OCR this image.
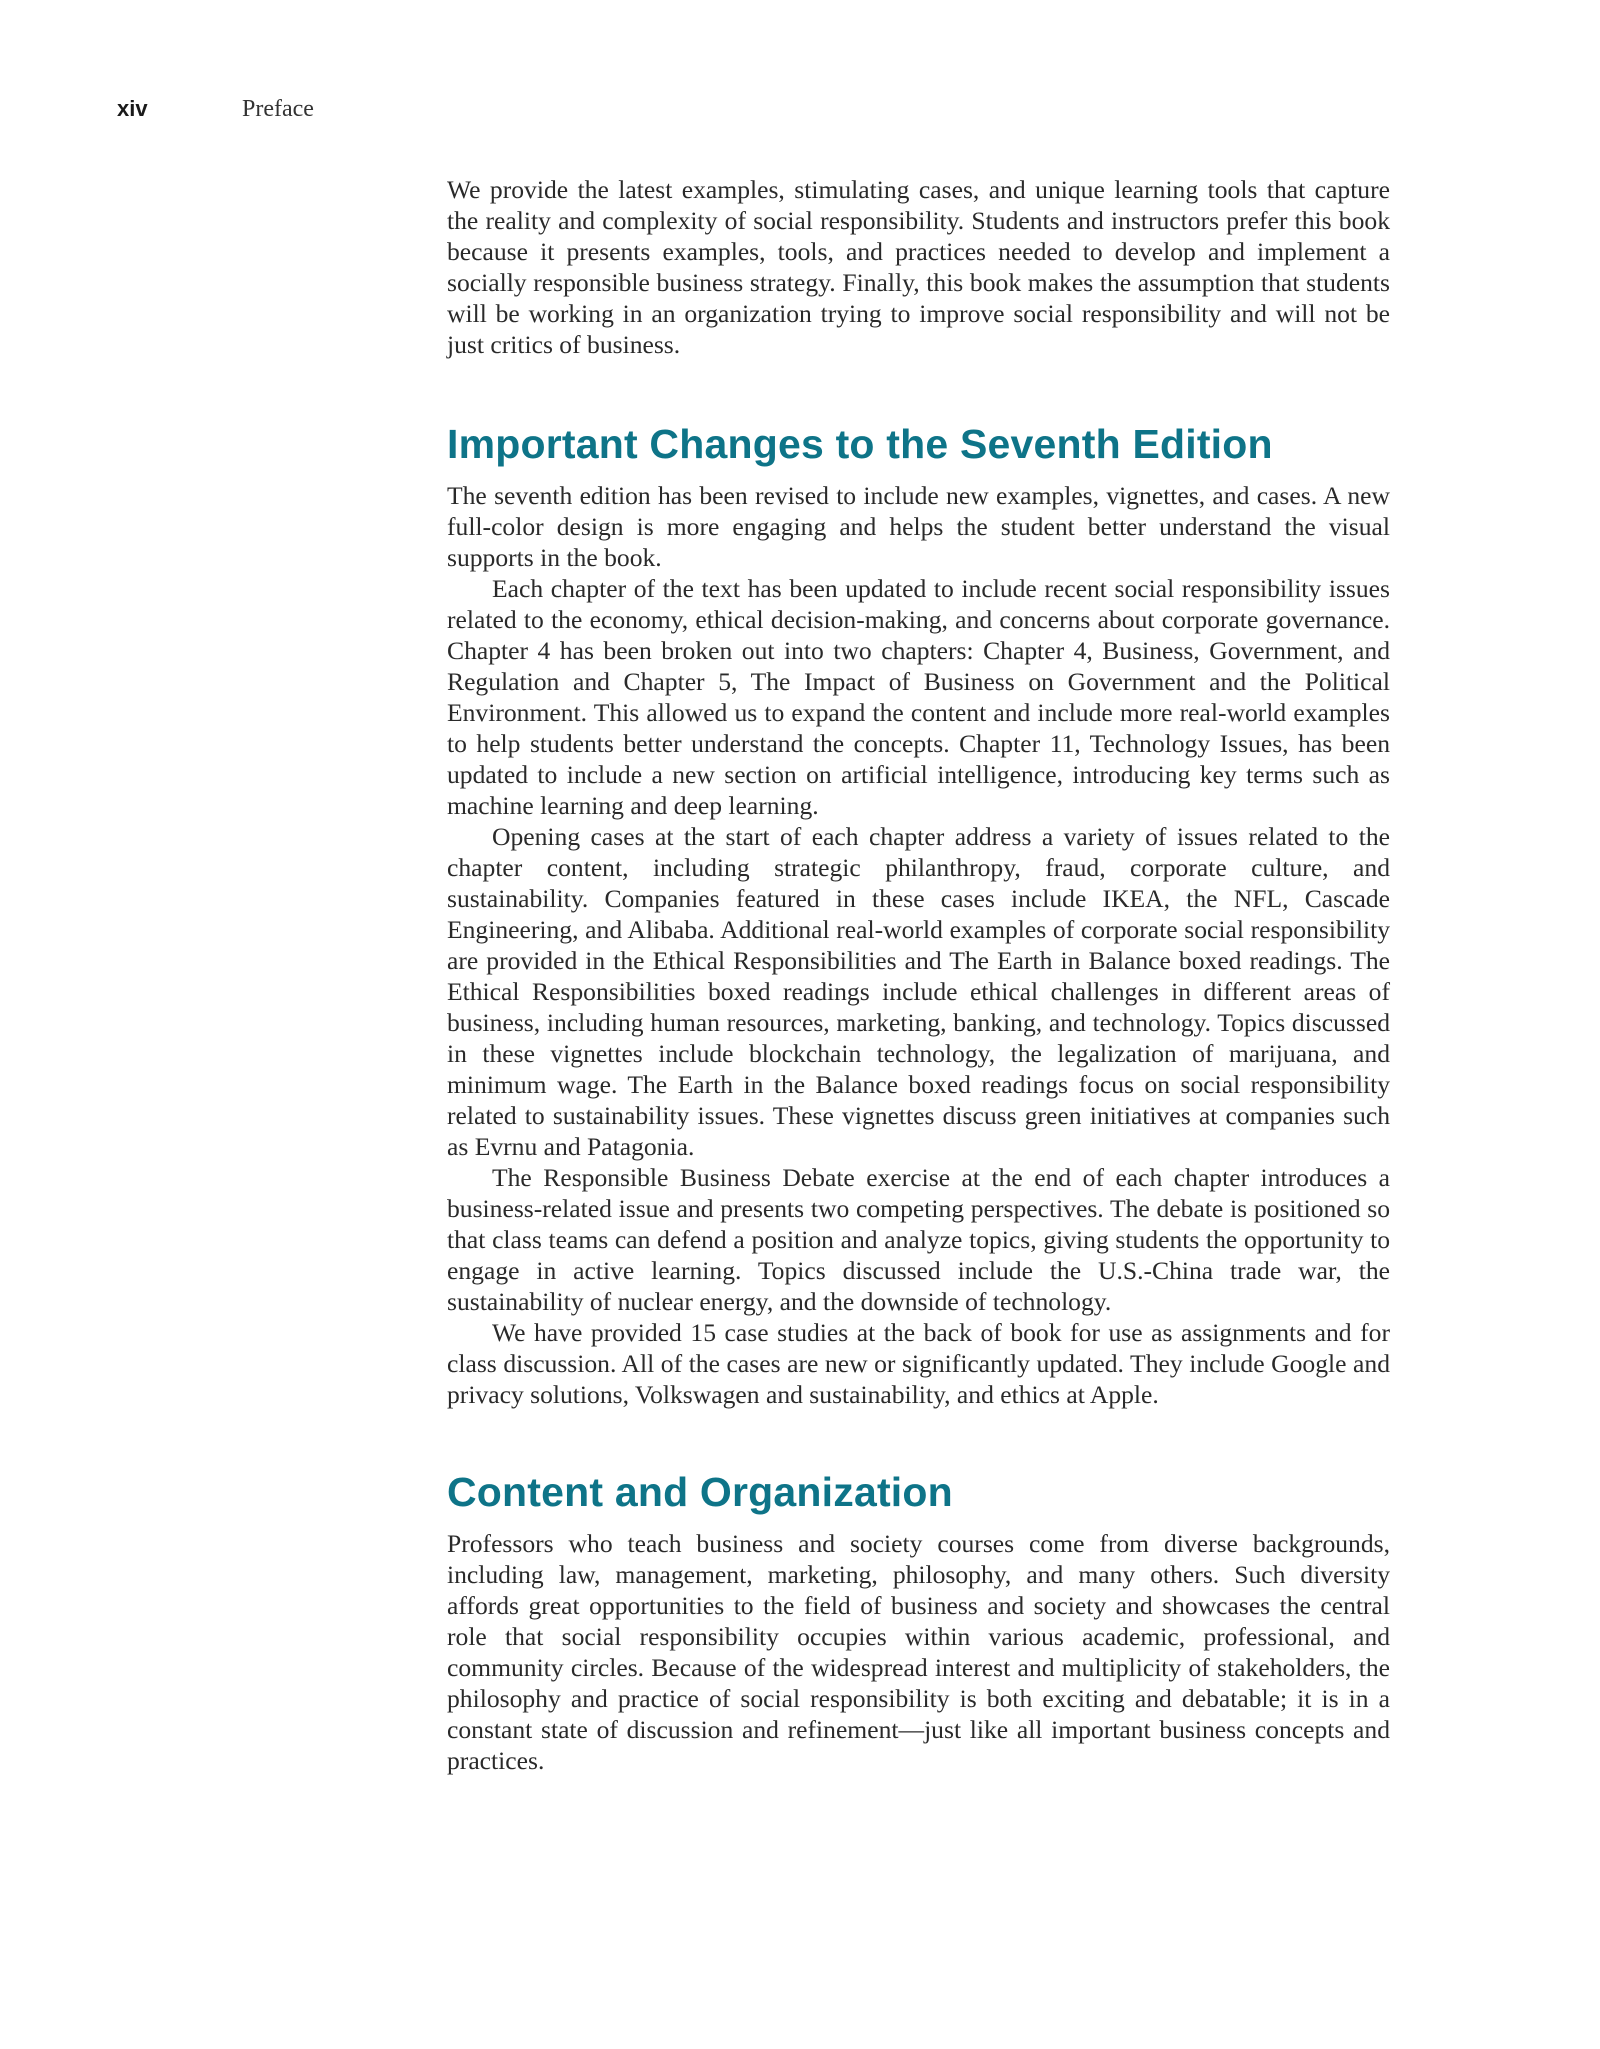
xiv	Preface

We provide the latest examples, stimulating cases, and unique learning tools that capture the reality and complexity of social responsibility. Students and instructors prefer this book because it presents examples, tools, and practices needed to develop and implement a socially responsible business strategy. Finally, this book makes the assumption that students will be working in an organization trying to improve social responsibility and will not be just critics of business.

Important Changes to the Seventh Edition

The seventh edition has been revised to include new examples, vignettes, and cases. A new full-color design is more engaging and helps the student better understand the visual supports in the book.

Each chapter of the text has been updated to include recent social responsibility issues related to the economy, ethical decision-making, and concerns about corporate governance. Chapter 4 has been broken out into two chapters: Chapter 4, Business, Government, and Regulation and Chapter 5, The Impact of Business on Government and the Political Environment. This allowed us to expand the content and include more real-world examples to help students better understand the concepts. Chapter 11, Technology Issues, has been updated to include a new section on artificial intelligence, introducing key terms such as machine learning and deep learning.

Opening cases at the start of each chapter address a variety of issues related to the chapter content, including strategic philanthropy, fraud, corporate culture, and sustainability. Companies featured in these cases include IKEA, the NFL, Cascade Engineering, and Alibaba. Additional real-world examples of corporate social responsibility are provided in the Ethical Responsibilities and The Earth in Balance boxed readings. The Ethical Responsibilities boxed readings include ethical challenges in different areas of business, including human resources, marketing, banking, and technology. Topics discussed in these vignettes include blockchain technology, the legalization of marijuana, and minimum wage. The Earth in the Balance boxed readings focus on social responsibility related to sustainability issues. These vignettes discuss green initiatives at companies such as Evrnu and Patagonia.

The Responsible Business Debate exercise at the end of each chapter introduces a business-related issue and presents two competing perspectives. The debate is positioned so that class teams can defend a position and analyze topics, giving students the opportunity to engage in active learning. Topics discussed include the U.S.-China trade war, the sustainability of nuclear energy, and the downside of technology.

We have provided 15 case studies at the back of book for use as assignments and for class discussion. All of the cases are new or significantly updated. They include Google and privacy solutions, Volkswagen and sustainability, and ethics at Apple.

Content and Organization

Professors who teach business and society courses come from diverse backgrounds, including law, management, marketing, philosophy, and many others. Such diversity affords great opportunities to the field of business and society and showcases the central role that social responsibility occupies within various academic, professional, and community circles. Because of the widespread interest and multiplicity of stakeholders, the philosophy and practice of social responsibility is both exciting and debatable; it is in a constant state of discussion and refinement—just like all important business concepts and practices.
